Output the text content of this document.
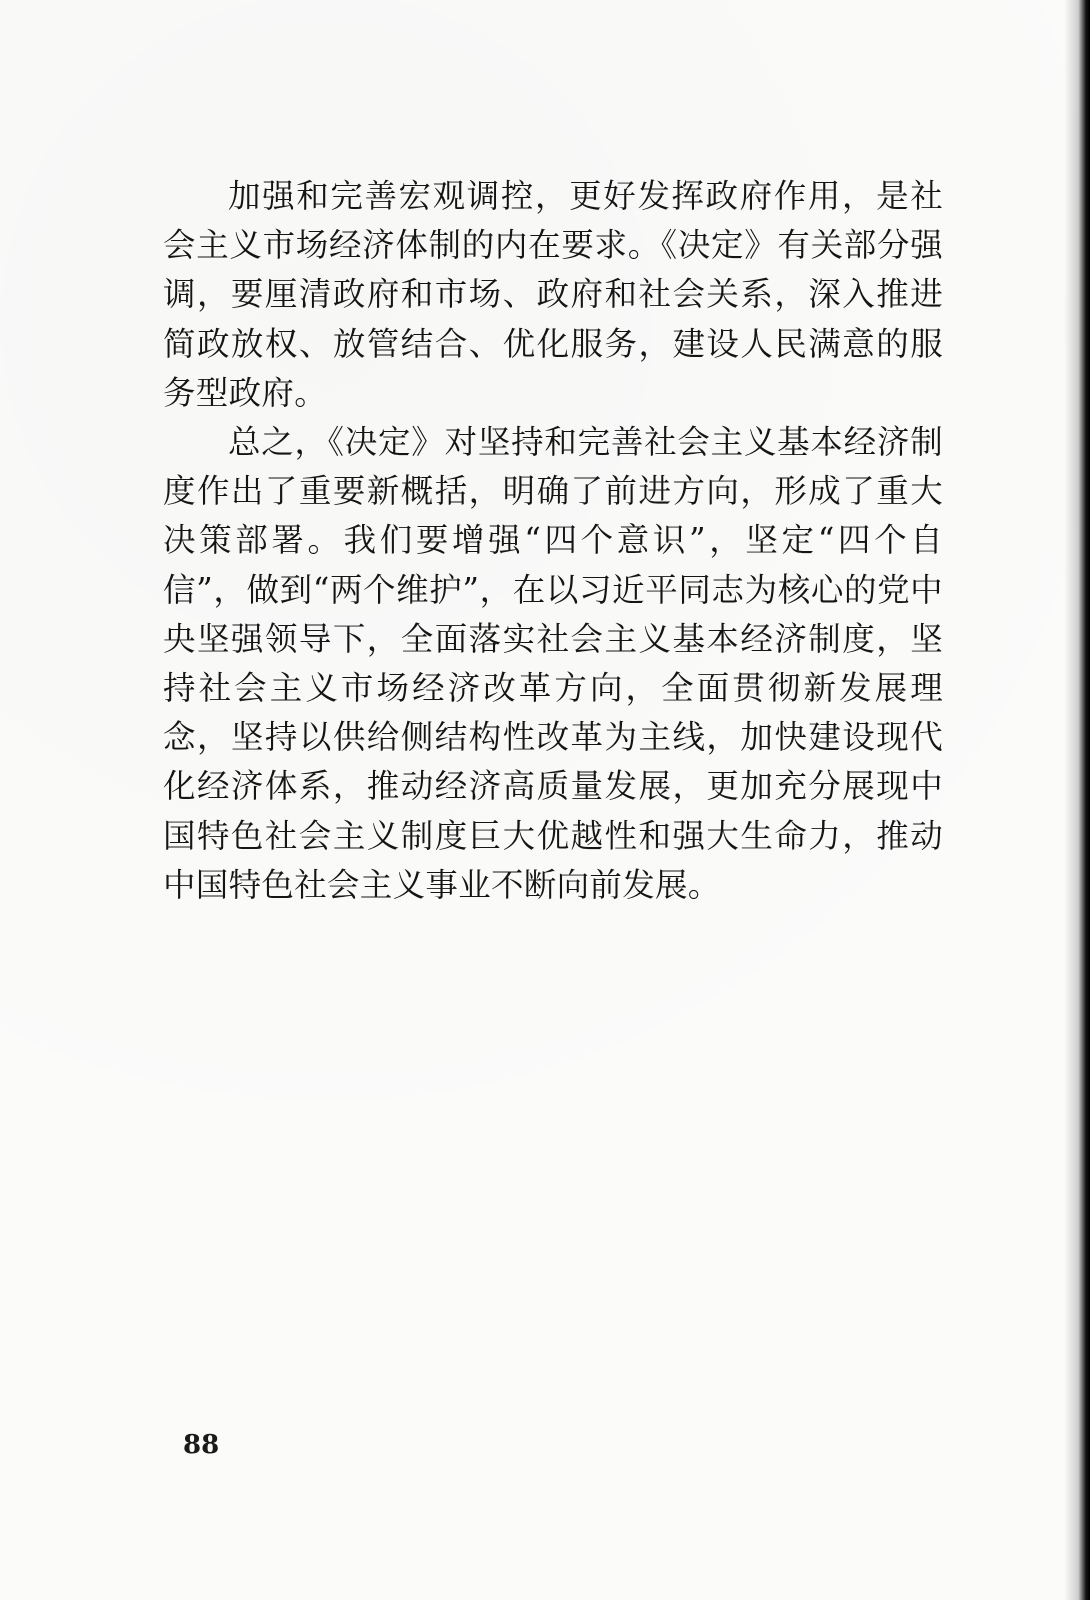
加强和完善宏观调控，更好发挥政府作用，是社会主义市场经济体制的内在要求。《决定》有关部分强调，要厘清政府和市场、政府和社会关系，深入推进简政放权、放管结合、优化服务，建设人民满意的服务型政府。

总之，《决定》对坚持和完善社会主义基本经济制度作出了重要新概括，明确了前进方向，形成了重大决策部署。我们要增强“四个意识”，坚定“四个自信”，做到“两个维护”，在以习近平同志为核心的党中央坚强领导下，全面落实社会主义基本经济制度，坚持社会主义市场经济改革方向，全面贯彻新发展理念，坚持以供给侧结构性改革为主线，加快建设现代化经济体系，推动经济高质量发展，更加充分展现中国特色社会主义制度巨大优越性和强大生命力，推动中国特色社会主义事业不断向前发展。

88
